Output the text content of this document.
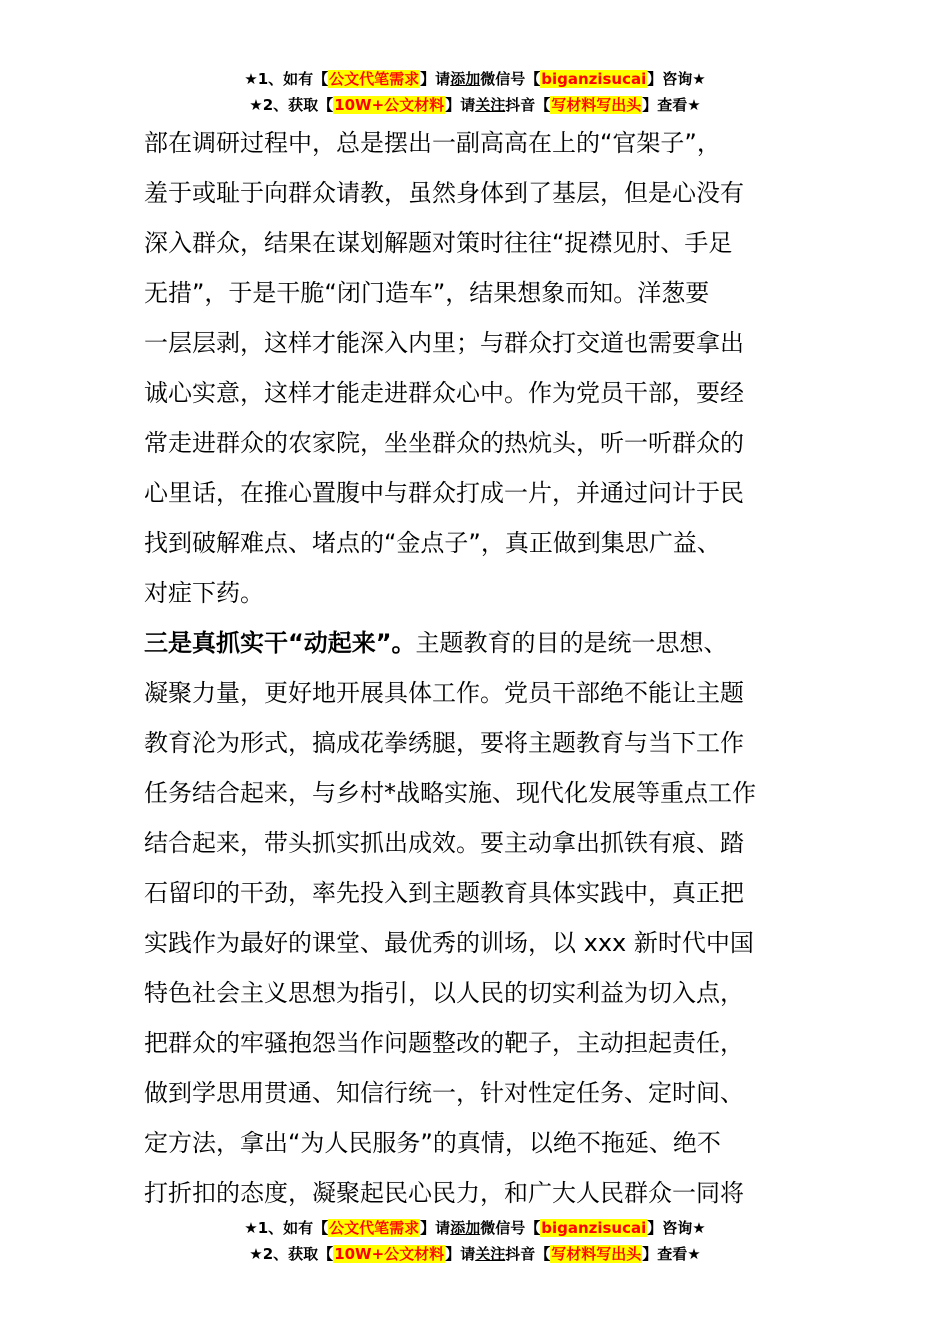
★1、如有【公文代笔需求】请添加微信号【biganzisucai】咨询★
★2、获取【10W+公文材料】请关注抖音【写材料写出头】查看★
部在调研过程中，总是摆出一副高高在上的“官架子”，
羞于或耻于向群众请教，虽然身体到了基层，但是心没有
深入群众，结果在谋划解题对策时往往“捉襟见肘、手足
无措”，于是干脆“闭门造车”，结果想象而知。洋葱要
一层层剥，这样才能深入内里；与群众打交道也需要拿出
诚心实意，这样才能走进群众心中。作为党员干部，要经
常走进群众的农家院，坐坐群众的热炕头，听一听群众的
心里话，在推心置腹中与群众打成一片，并通过问计于民
找到破解难点、堵点的“金点子”，真正做到集思广益、
对症下药。
三是真抓实干“动起来”。主题教育的目的是统一思想、
凝聚力量，更好地开展具体工作。党员干部绝不能让主题
教育沦为形式，搞成花拳绣腿，要将主题教育与当下工作
任务结合起来，与乡村*战略实施、现代化发展等重点工作
结合起来，带头抓实抓出成效。要主动拿出抓铁有痕、踏
石留印的干劲，率先投入到主题教育具体实践中，真正把
实践作为最好的课堂、最优秀的训场，以 xxx 新时代中国
特色社会主义思想为指引，以人民的切实利益为切入点，
把群众的牢骚抱怨当作问题整改的靶子，主动担起责任，
做到学思用贯通、知信行统一，针对性定任务、定时间、
定方法，拿出“为人民服务”的真情，以绝不拖延、绝不
打折扣的态度，凝聚起民心民力，和广大人民群众一同将
★1、如有【公文代笔需求】请添加微信号【biganzisucai】咨询★
★2、获取【10W+公文材料】请关注抖音【写材料写出头】查看★
